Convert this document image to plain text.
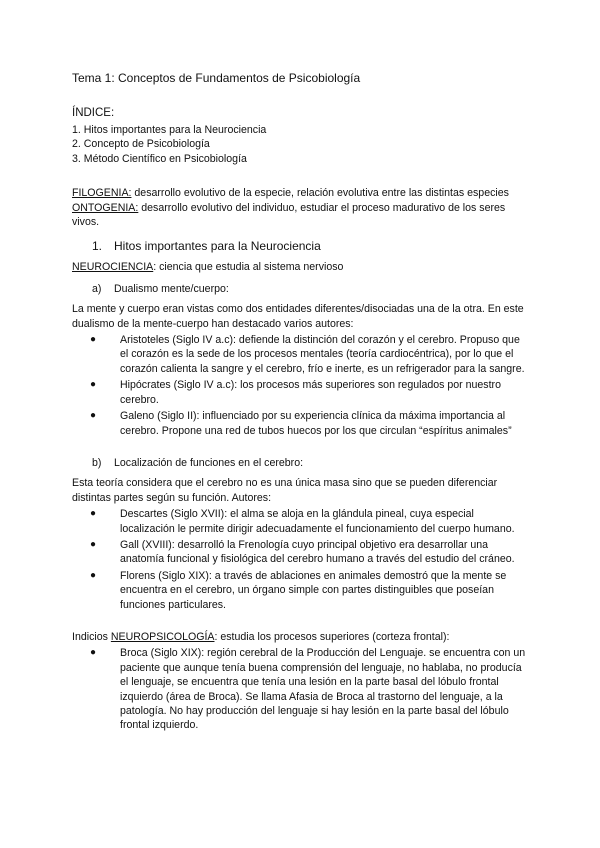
Tema 1: Conceptos de Fundamentos de Psicobiología
ÍNDICE:
1. Hitos importantes para la Neurociencia
2. Concepto de Psicobiología
3. Método Científico en Psicobiología

FILOGENIA: desarrollo evolutivo de la especie, relación evolutiva entre las distintas especies

ONTOGENIA: desarrollo evolutivo del individuo, estudiar el proceso madurativo de los seres vivos.

1. Hitos importantes para la Neurociencia

NEUROCIENCIA: ciencia que estudia al sistema nervioso

a) Dualismo mente/cuerpo:

La mente y cuerpo eran vistas como dos entidades diferentes/disociadas una de la otra. En este dualismo de la mente-cuerpo han destacado varios autores:

● Aristoteles (Siglo IV a.c): defiende la distinción del corazón y el cerebro. Propuso que el corazón es la sede de los procesos mentales (teoría cardiocéntrica), por lo que el corazón calienta la sangre y el cerebro, frío e inerte, es un refrigerador para la sangre.
● Hipócrates (Siglo IV a.c): los procesos más superiores son regulados por nuestro cerebro.
● Galeno (Siglo II): influenciado por su experiencia clínica da máxima importancia al cerebro. Propone una red de tubos huecos por los que circulan “espíritus animales”
b) Localización de funciones en el cerebro:

Esta teoría considera que el cerebro no es una única masa sino que se pueden diferenciar distintas partes según su función. Autores:

● Descartes (Siglo XVII): el alma se aloja en la glándula pineal, cuya especial localización le permite dirigir adecuadamente el funcionamiento del cuerpo humano.
● Gall (XVIII): desarrolló la Frenología cuyo principal objetivo era desarrollar una anatomía funcional y fisiológica del cerebro humano a través del estudio del cráneo.
● Florens (Siglo XIX): a través de ablaciones en animales demostró que la mente se encuentra en el cerebro, un órgano simple con partes distinguibles que poseían funciones particulares.

Indicios NEUROPSICOLOGÍA: estudia los procesos superiores (corteza frontal):

● Broca (Siglo XIX): región cerebral de la Producción del Lenguaje. se encuentra con un paciente que aunque tenía buena comprensión del lenguaje, no hablaba, no producía el lenguaje, se encuentra que tenía una lesión en la parte basal del lóbulo frontal izquierdo (área de Broca). Se llama Afasia de Broca al trastorno del lenguaje, a la patología. No hay producción del lenguaje si hay lesión en la parte basal del lóbulo frontal izquierdo.
